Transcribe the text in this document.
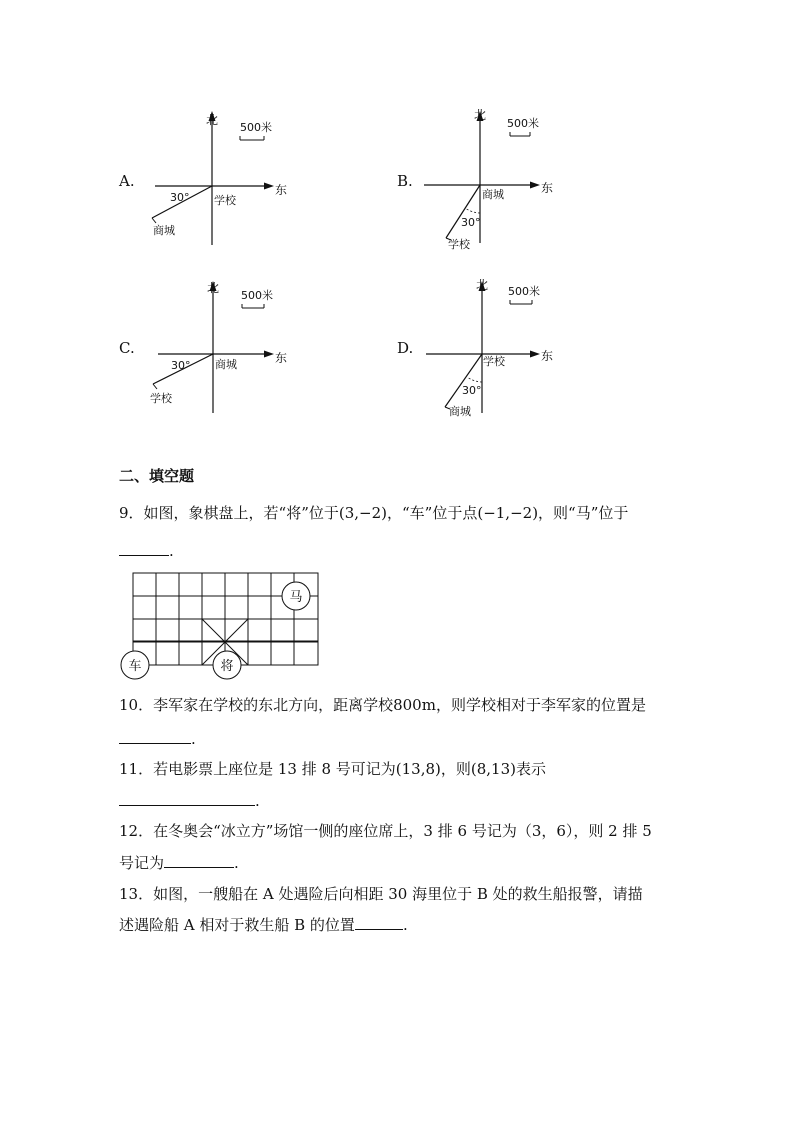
A.	B.
C.	D.
北
东
500米
30° 学校
商城
北
东
500米
30°
商城
学校
北
东
500米
30° 商城
学校
北
东
500米
30°
学校
商城
二、填空题
9．如图，象棋盘上，若“将”位于(3,−2)，“车”位于点(−1,−2)，则“马”位于
.
马
车	将
10．李军家在学校的东北方向，距离学校800m，则学校相对于李军家的位置是
.
11．若电影票上座位是 13 排 8 号可记为(13,8)，则(8,13)表示
.
12．在冬奥会“冰立方”场馆一侧的座位席上，3 排 6 号记为（3，6），则 2 排 5
号记为	.
13．如图，一艘船在 A 处遇险后向相距 30 海里位于 B 处的救生船报警，请描
述遇险船 A 相对于救生船 B 的位置	.
